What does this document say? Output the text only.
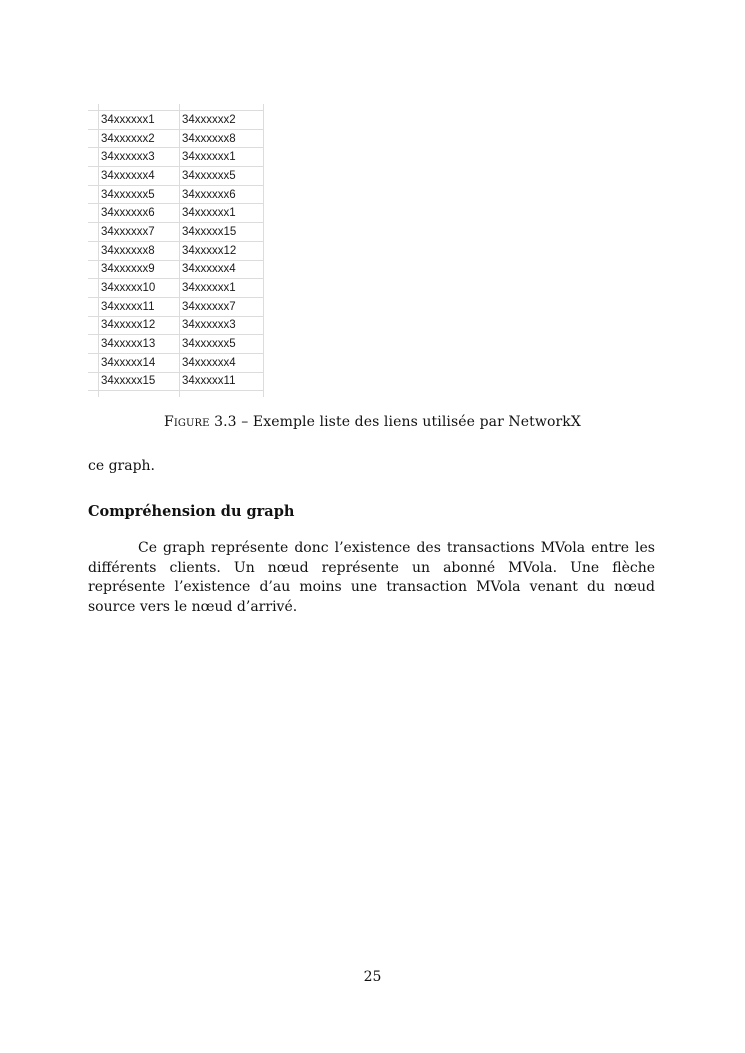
	34xxxxxx1	34xxxxxx2
	34xxxxxx2	34xxxxxx8
	34xxxxxx3	34xxxxxx1
	34xxxxxx4	34xxxxxx5
	34xxxxxx5	34xxxxxx6
	34xxxxxx6	34xxxxxx1
	34xxxxxx7	34xxxxx15
	34xxxxxx8	34xxxxx12
	34xxxxxx9	34xxxxxx4
	34xxxxx10	34xxxxxx1
	34xxxxx11	34xxxxxx7
	34xxxxx12	34xxxxxx3
	34xxxxx13	34xxxxxx5
	34xxxxx14	34xxxxxx4
	34xxxxx15	34xxxxx11

Figure 3.3 – Exemple liste des liens utilisée par NetworkX
ce graph.
Compréhension du graph
Ce graph représente donc l’existence des transactions MVola entre les différents clients. Un nœud représente un abonné MVola. Une flèche représente l’existence d’au moins une transaction MVola venant du nœud source vers le nœud d’arrivé.
25
